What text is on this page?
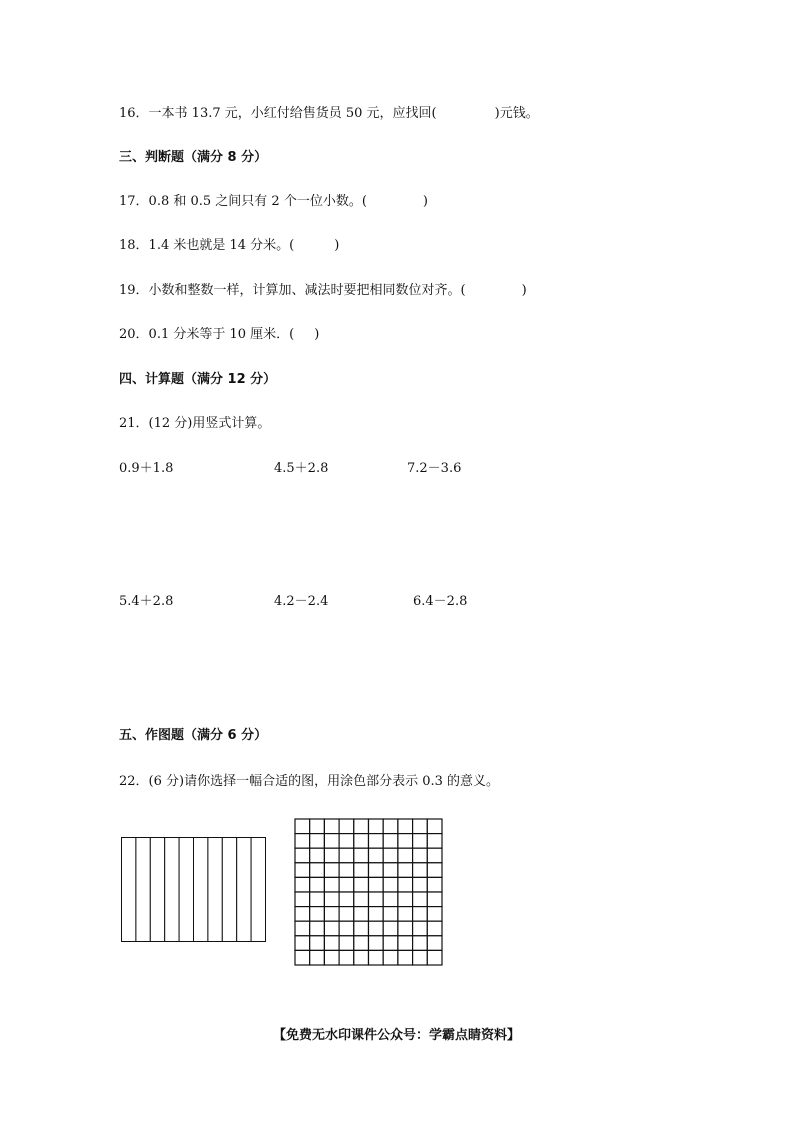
16．一本书 13.7 元，小红付给售货员 50 元，应找回(	)元钱。
三、判断题（满分 8 分）
17．0.8 和 0.5 之间只有 2 个一位小数。(	)
18．1.4 米也就是 14 分米。(	)
19．小数和整数一样，计算加、减法时要把相同数位对齐。(	)
20．0.1 分米等于 10 厘米．( )
四、计算题（满分 12 分）
21．(12 分)用竖式计算。
0.9＋1.8	4.5＋2.8	7.2－3.6
5.4＋2.8	4.2－2.4	6.4－2.8
五、作图题（满分 6 分）
22．(6 分)请你选择一幅合适的图，用涂色部分表示 0.3 的意义。
【免费无水印课件公众号：学霸点睛资料】
